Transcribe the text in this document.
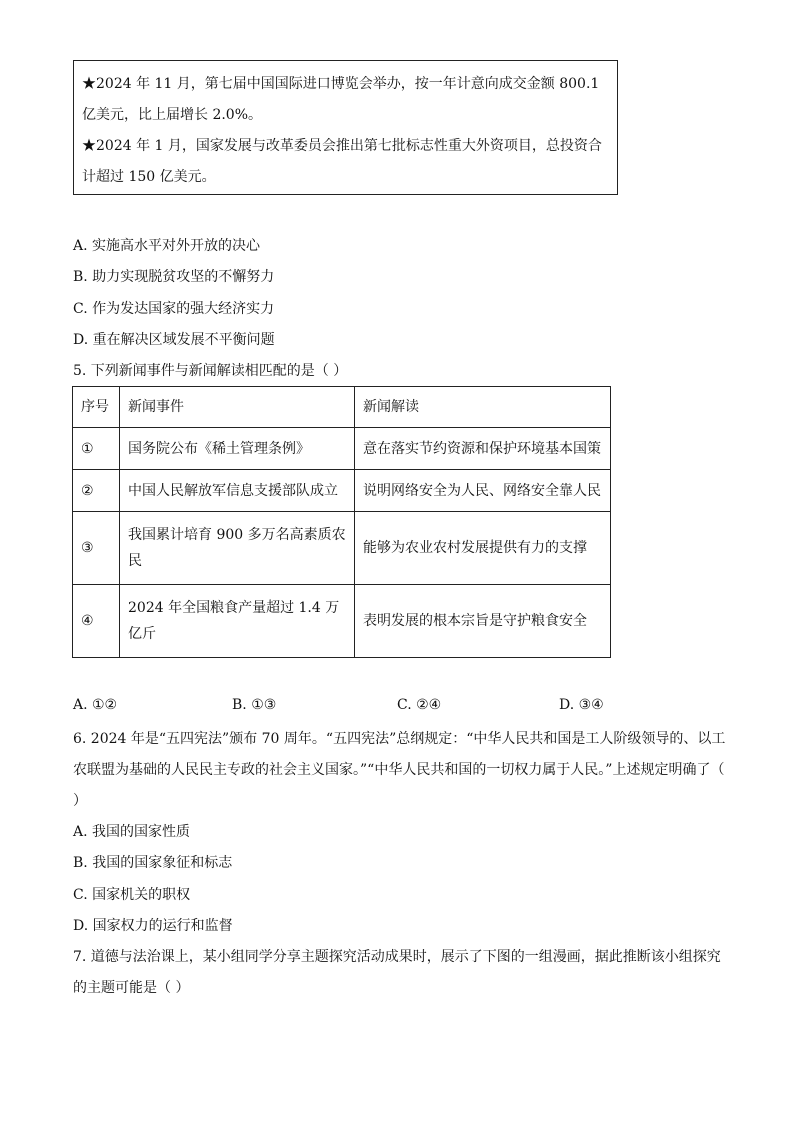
★2024 年 11 月，第七届中国国际进口博览会举办，按一年计意向成交金额 800.1 亿美元，比上届增长 2.0%。

★2024 年 1 月，国家发展与改革委员会推出第七批标志性重大外资项目，总投资合计超过 150 亿美元。

A. 实施高水平对外开放的决心
B. 助力实现脱贫攻坚的不懈努力
C. 作为发达国家的强大经济实力
D. 重在解决区域发展不平衡问题
5. 下列新闻事件与新闻解读相匹配的是（ ）
序号	新闻事件	新闻解读
①	国务院公布《稀土管理条例》	意在落实节约资源和保护环境基本国策
②	中国人民解放军信息支援部队成立	说明网络安全为人民、网络安全靠人民
③	我国累计培育 900 多万名高素质农民	能够为农业农村发展提供有力的支撑
④	2024 年全国粮食产量超过 1.4 万亿斤	表明发展的根本宗旨是守护粮食安全
A. ①②	B. ①③	C. ②④	D. ③④

6. 2024 年是“五四宪法”颁布 70 周年。“五四宪法”总纲规定：“中华人民共和国是工人阶级领导的、以工农联盟为基础的人民民主专政的社会主义国家。”“中华人民共和国的一切权力属于人民。”上述规定明确了（ ）

A. 我国的国家性质
B. 我国的国家象征和标志
C. 国家机关的职权
D. 国家权力的运行和监督

7. 道德与法治课上，某小组同学分享主题探究活动成果时，展示了下图的一组漫画，据此推断该小组探究的主题可能是（ ）
